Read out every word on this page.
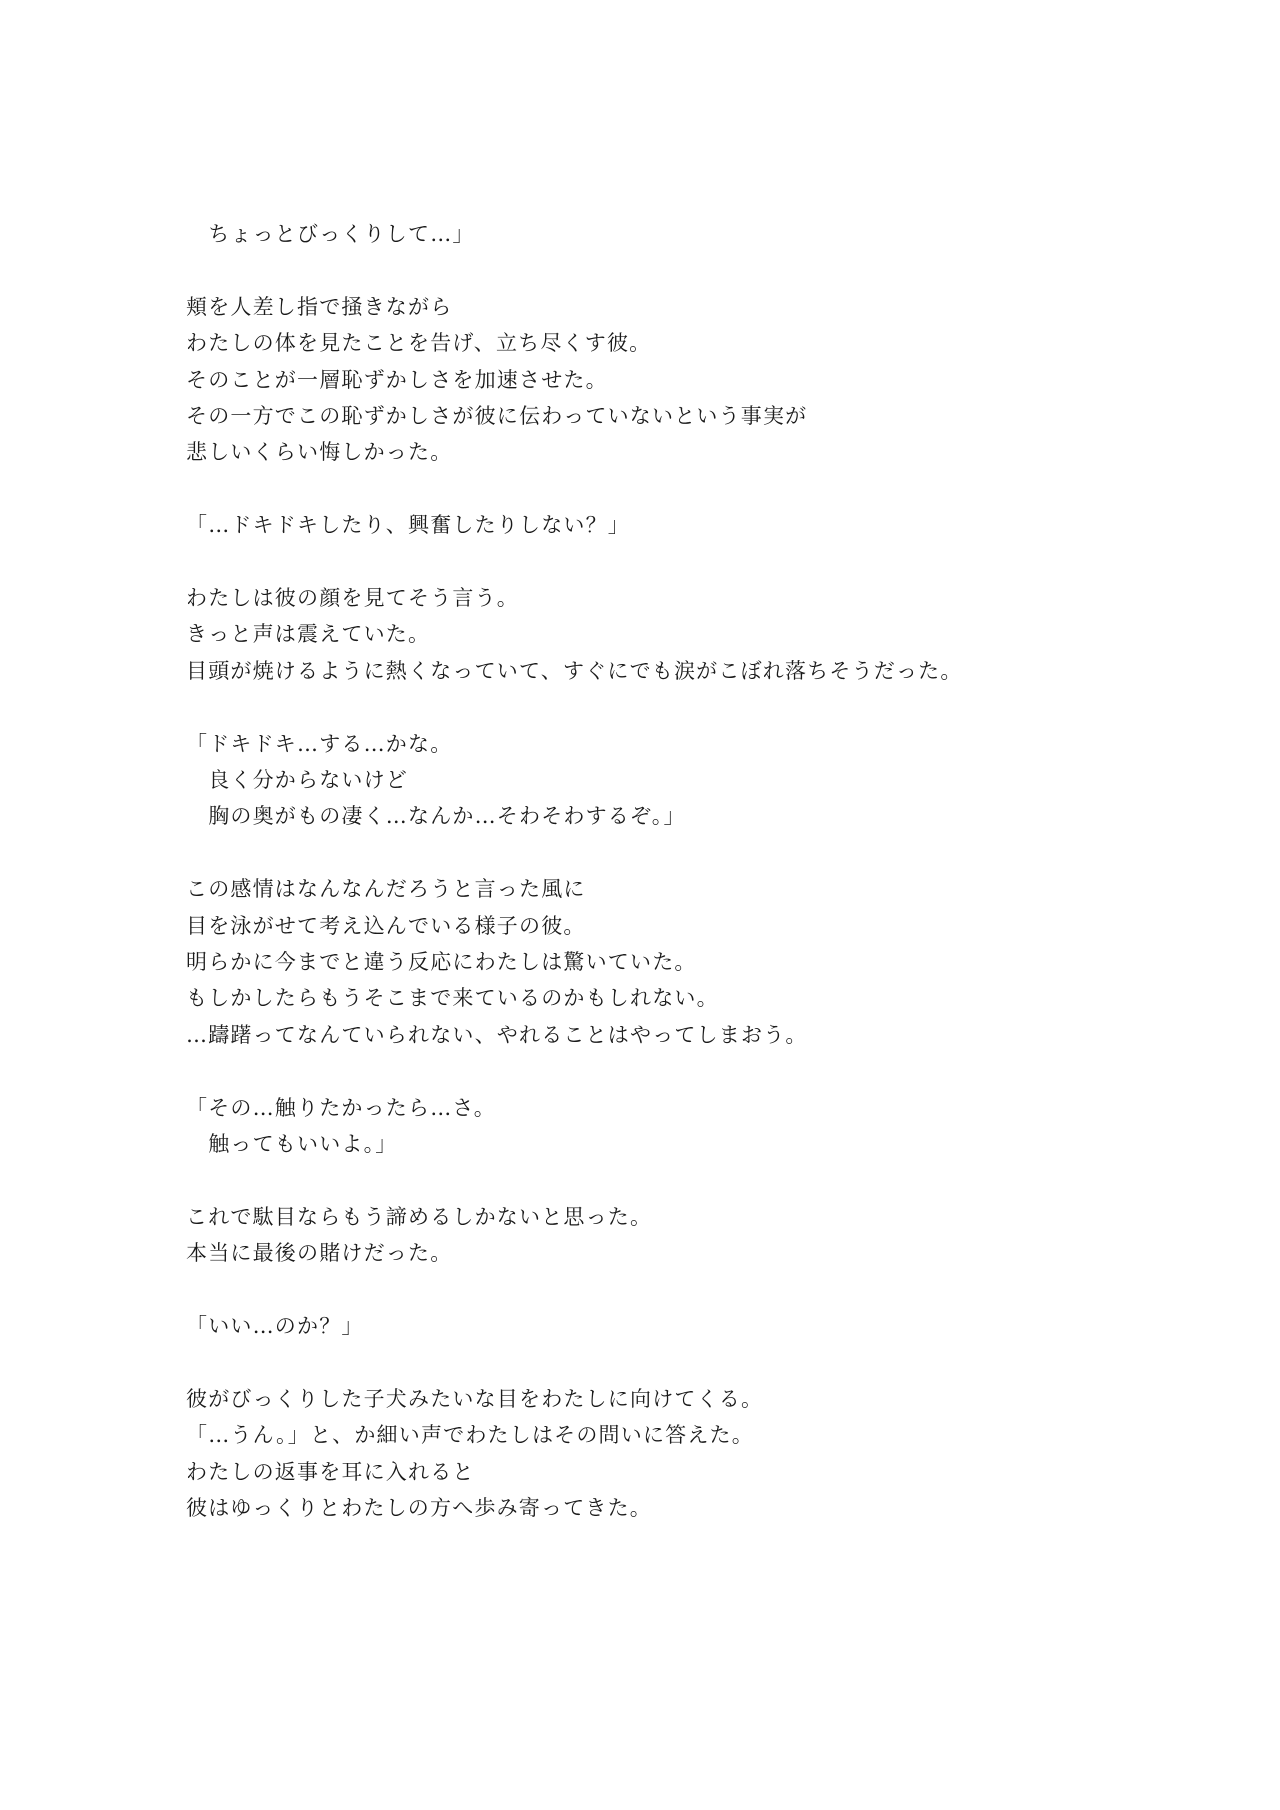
　ちょっとびっくりして…」

頬を人差し指で掻きながら
わたしの体を見たことを告げ、立ち尽くす彼。
そのことが一層恥ずかしさを加速させた。
その一方でこの恥ずかしさが彼に伝わっていないという事実が
悲しいくらい悔しかった。

「…ドキドキしたり、興奮したりしない？」

わたしは彼の顔を見てそう言う。
きっと声は震えていた。
目頭が焼けるように熱くなっていて、すぐにでも涙がこぼれ落ちそうだった。

「ドキドキ…する…かな。
　良く分からないけど
　胸の奥がもの凄く…なんか…そわそわするぞ。」

この感情はなんなんだろうと言った風に
目を泳がせて考え込んでいる様子の彼。
明らかに今までと違う反応にわたしは驚いていた。
もしかしたらもうそこまで来ているのかもしれない。
…躊躇ってなんていられない、やれることはやってしまおう。

「その…触りたかったら…さ。
　触ってもいいよ。」

これで駄目ならもう諦めるしかないと思った。
本当に最後の賭けだった。

「いい…のか？」

彼がびっくりした子犬みたいな目をわたしに向けてくる。
「…うん。」と、か細い声でわたしはその問いに答えた。
わたしの返事を耳に入れると
彼はゆっくりとわたしの方へ歩み寄ってきた。
